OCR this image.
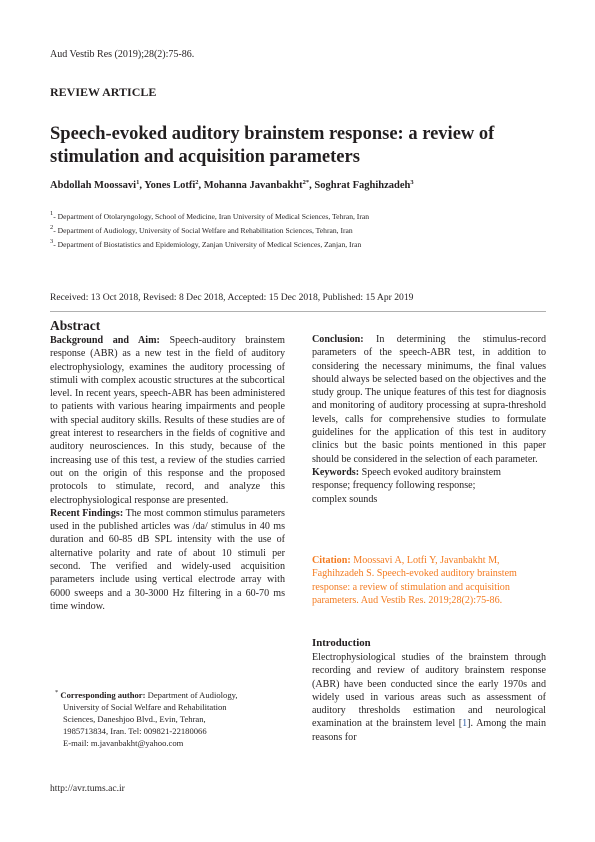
Aud Vestib Res (2019);28(2):75-86.
REVIEW ARTICLE
Speech-evoked auditory brainstem response: a review of stimulation and acquisition parameters
Abdollah Moossavi$^1$, Yones Lotfi$^2$, Mohanna Javanbakht$^{2*}$, Soghrat Faghihzadeh$^3$
$^1$- Department of Otolaryngology, School of Medicine, Iran University of Medical Sciences, Tehran, Iran
$^2$- Department of Audiology, University of Social Welfare and Rehabilitation Sciences, Tehran, Iran
$^3$- Department of Biostatistics and Epidemiology, Zanjan University of Medical Sciences, Zanjan, Iran
Received: 13 Oct 2018, Revised: 8 Dec 2018, Accepted: 15 Dec 2018, Published: 15 Apr 2019
Abstract

Background and Aim: Speech-auditory brainstem response (ABR) as a new test in the field of auditory electrophysiology, examines the auditory processing of stimuli with complex acoustic structures at the subcortical level. In recent years, speech-ABR has been administered to patients with various hearing impairments and people with special auditory skills. Results of these studies are of great interest to researchers in the fields of cognitive and auditory neurosciences. In this study, because of the increasing use of this test, a review of the studies carried out on the origin of this response and the proposed protocols to stimulate, record, and analyze this electrophysiological response are presented.

Recent Findings: The most common stimulus parameters used in the published articles was /da/ stimulus in 40 ms duration and 60-85 dB SPL intensity with the use of alternative polarity and rate of about 10 stimuli per second. The verified and widely-used acquisition parameters include using vertical electrode array with 6000 sweeps and a 30-3000 Hz filtering in a 60-70 ms time window.

Conclusion: In determining the stimulus-record parameters of the speech-ABR test, in addition to considering the necessary minimums, the final values should always be selected based on the objectives and the study group. The unique features of this test for diagnosis and monitoring of auditory processing at supra-threshold levels, calls for comprehensive studies to formulate guidelines for the application of this test in auditory clinics but the basic points mentioned in this paper should be considered in the selection of each parameter.

Keywords: Speech evoked auditory brainstem
response; frequency following response;
complex sounds

Citation: Moossavi A, Lotfi Y, Javanbakht M, Faghihzadeh S. Speech-evoked auditory brainstem response: a review of stimulation and acquisition parameters. Aud Vestib Res. 2019;28(2):75-86.
Introduction
Electrophysiological studies of the brainstem through recording and review of auditory brainstem response (ABR) have been conducted since the early 1970s and widely used in various areas such as assessment of auditory thresholds estimation and neurological examination at the brainstem level [1]. Among the main reasons for
* Corresponding author: Department of Audiology,
University of Social Welfare and Rehabilitation
Sciences, Daneshjoo Blvd., Evin, Tehran,
1985713834, Iran. Tel: 009821-22180066
E-mail: m.javanbakht@yahoo.com
http://avr.tums.ac.ir
